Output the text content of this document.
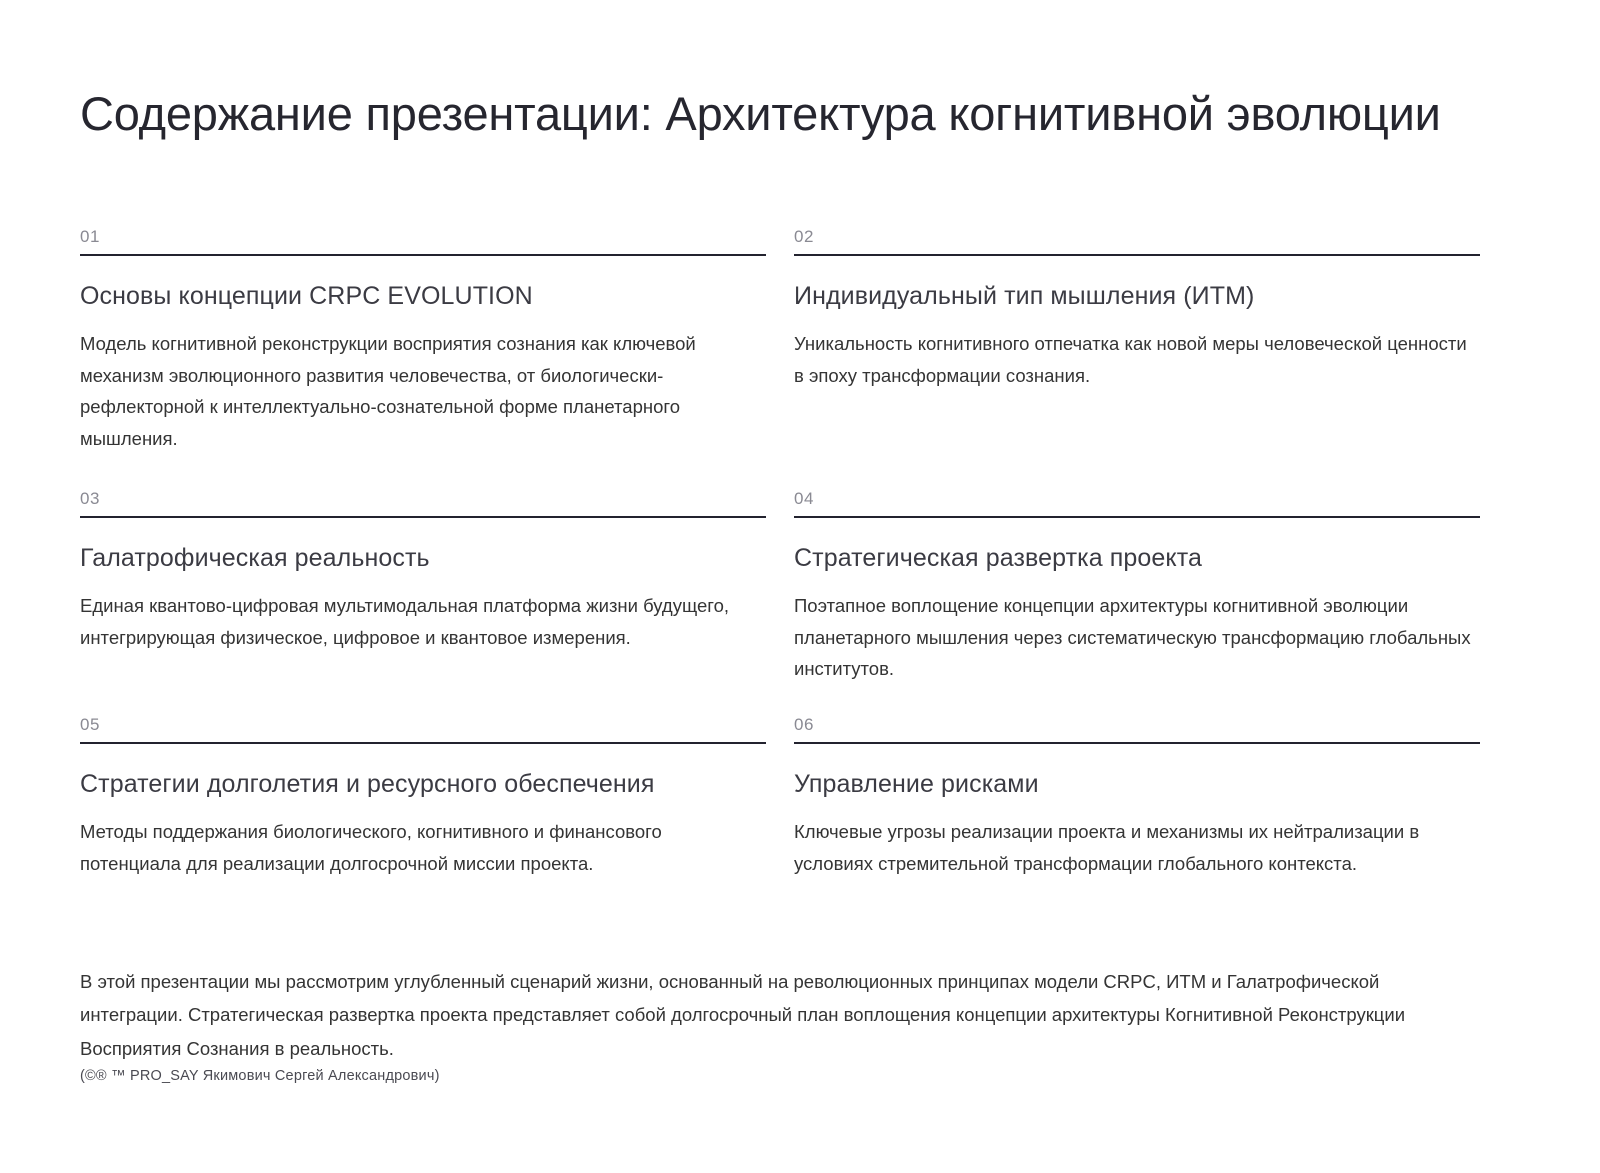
Содержание презентации: Архитектура когнитивной эволюции
01
Основы концепции CRPC EVOLUTION
Модель когнитивной реконструкции восприятия сознания как ключевой механизм эволюционного развития человечества, от биологически-рефлекторной к интеллектуально-сознательной форме планетарного мышления.
02
Индивидуальный тип мышления (ИТМ)
Уникальность когнитивного отпечатка как новой меры человеческой ценности в эпоху трансформации сознания.
03
Галатрофическая реальность
Единая квантово-цифровая мультимодальная платформа жизни будущего, интегрирующая физическое, цифровое и квантовое измерения.
04
Стратегическая развертка проекта
Поэтапное воплощение концепции архитектуры когнитивной эволюции планетарного мышления через систематическую трансформацию глобальных институтов.
05
Стратегии долголетия и ресурсного обеспечения
Методы поддержания биологического, когнитивного и финансового потенциала для реализации долгосрочной миссии проекта.
06
Управление рисками
Ключевые угрозы реализации проекта и механизмы их нейтрализации в условиях стремительной трансформации глобального контекста.

В этой презентации мы рассмотрим углубленный сценарий жизни, основанный на революционных принципах модели CRPC, ИТМ и Галатрофической интеграции. Стратегическая развертка проекта представляет собой долгосрочный план воплощения концепции архитектуры Когнитивной Реконструкции Восприятия Сознания в реальность.

(©® ™ PRO_SAY Якимович Сергей Александрович)
